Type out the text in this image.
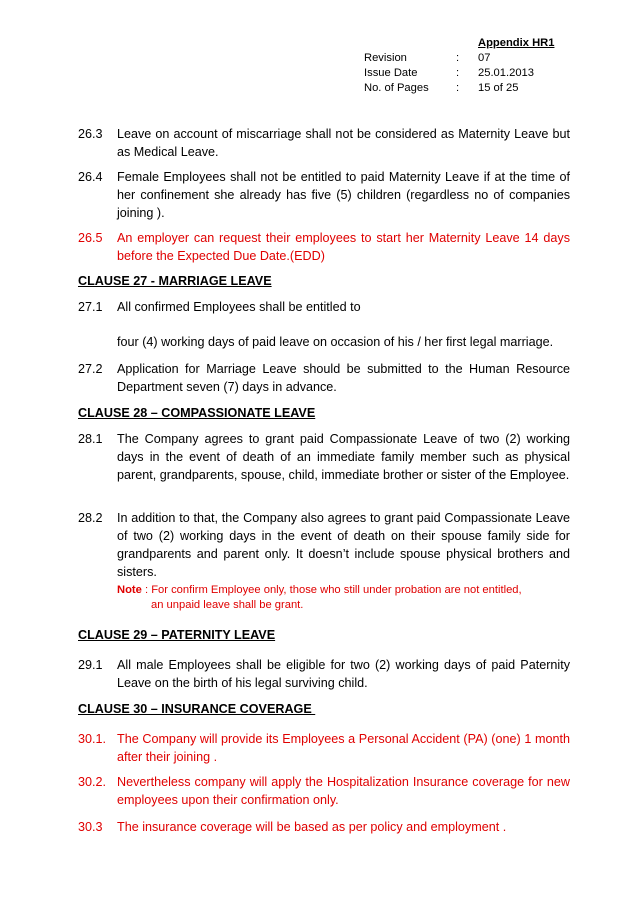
Appendix HR1
Revision	: 07
Issue Date	: 25.01.2013
No. of Pages : 15 of 25
26.3 Leave on account of miscarriage shall not be considered as Maternity Leave but as Medical Leave.
26.4 Female Employees shall not be entitled to paid Maternity Leave if at the time of her confinement she already has five (5) children (regardless no of companies joining ).
26.5 An employer can request their employees to start her Maternity Leave 14 days before the Expected Due Date.(EDD)
CLAUSE 27 - MARRIAGE LEAVE
27.1 All confirmed Employees shall be entitled to
four (4) working days of paid leave on occasion of his / her first legal marriage.
27.2 Application for Marriage Leave should be submitted to the Human Resource Department seven (7) days in advance.
CLAUSE 28 – COMPASSIONATE LEAVE
28.1 The Company agrees to grant paid Compassionate Leave of two (2) working days in the event of death of an immediate family member such as physical parent, grandparents, spouse, child, immediate brother or sister of the Employee.
28.2 In addition to that, the Company also agrees to grant paid Compassionate Leave of two (2) working days in the event of death on their spouse family side for grandparents and parent only. It doesn’t include spouse physical brothers and sisters.
Note : For confirm Employee only, those who still under probation are not entitled,
an unpaid leave shall be grant.
CLAUSE 29 – PATERNITY LEAVE
29.1 All male Employees shall be eligible for two (2) working days of paid Paternity Leave on the birth of his legal surviving child.
CLAUSE 30 – INSURANCE COVERAGE
30.1. The Company will provide its Employees a Personal Accident (PA) (one) 1 month after their joining .
30.2. Nevertheless company will apply the Hospitalization Insurance coverage for new employees upon their confirmation only.
30.3 The insurance coverage will be based as per policy and employment .
